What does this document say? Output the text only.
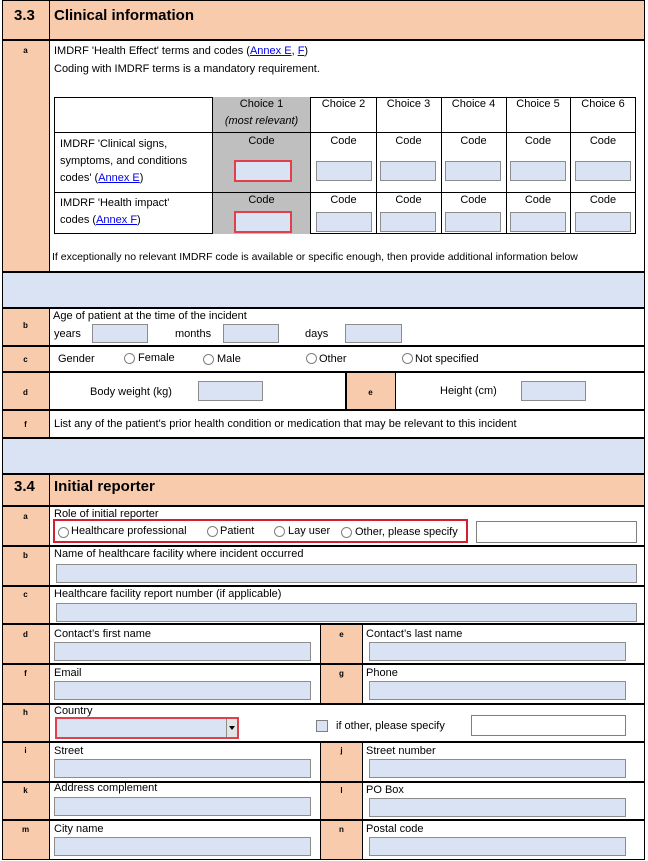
3.3 Clinical information
a	IMDRF 'Health Effect' terms and codes (Annex E, F)
Coding with IMDRF terms is a mandatory requirement.
Choice 1
(most relevant)
Choice 2	Choice 3	Choice 4	Choice 5	Choice 6
IMDRF 'Clinical signs,
symptoms, and conditions
codes' (Annex E)
Code	Code	Code	Code	Code	Code
IMDRF 'Health impact'
codes (Annex F)
Code	Code	Code	Code	Code	Code
If exceptionally no relevant IMDRF code is available or specific enough, then provide additional information below
b
Age of patient at the time of the incident
years	months	days
c	Gender	Female	Male	Other	Not specified
d	Body weight (kg)	e	Height (cm)
f	List any of the patient's prior health condition or medication that may be relevant to this incident
3.4 Initial reporter
a	Role of initial reporter
Healthcare professional	Patient	Lay user Other, please specify
b	Name of healthcare facility where incident occurred
c	Healthcare facility report number (if applicable)
d	Contact’s first name	e	Contact’s last name
f	Email	g	Phone
h	Country
if other, please specify
i	Street	j	Street number
k	Address complement	l	PO Box
m	City name	n	Postal code
